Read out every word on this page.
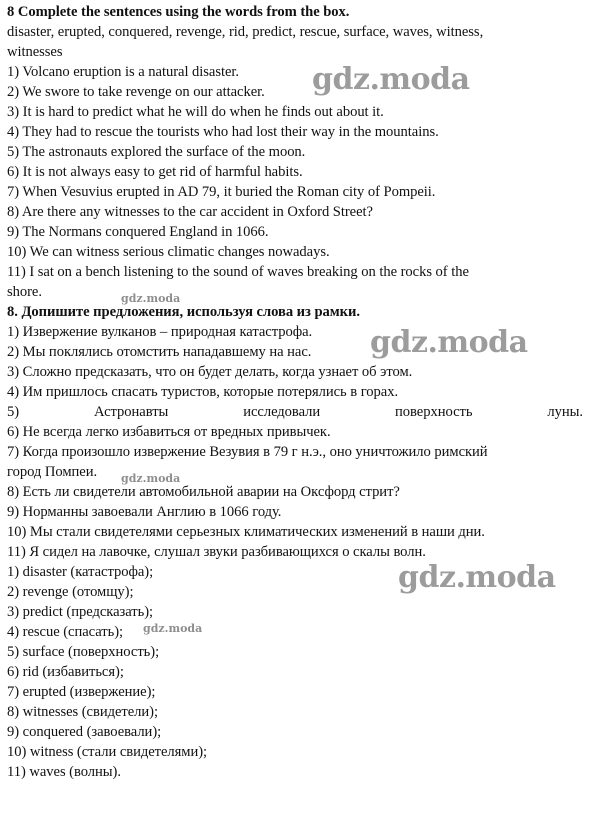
8 Complete the sentences using the words from the box.
disaster, erupted, conquered, revenge, rid, predict, rescue, surface, waves, witness,
witnesses
1) Volcano eruption is a natural disaster.
2) We swore to take revenge on our attacker.
3) It is hard to predict what he will do when he finds out about it.
4) They had to rescue the tourists who had lost their way in the mountains.
5) The astronauts explored the surface of the moon.
6) It is not always easy to get rid of harmful habits.
7) When Vesuvius erupted in AD 79, it buried the Roman city of Pompeii.
8) Are there any witnesses to the car accident in Oxford Street?
9) The Normans conquered England in 1066.
10) We can witness serious climatic changes nowadays.
11) I sat on a bench listening to the sound of waves breaking on the rocks of the
shore.
8. Допишите предложения, используя слова из рамки.
1) Извержение вулканов – природная катастрофа.
2) Мы поклялись отомстить нападавшему на нас.
3) Сложно предсказать, что он будет делать, когда узнает об этом.
4) Им пришлось спасать туристов, которые потерялись в горах.
5)	Астронавты	исследовали	поверхность	луны.
6) Не всегда легко избавиться от вредных привычек.
7) Когда произошло извержение Везувия в 79 г н.э., оно уничтожило римский
город Помпеи.
8) Есть ли свидетели автомобильной аварии на Оксфорд стрит?
9) Норманны завоевали Англию в 1066 году.
10) Мы стали свидетелями серьезных климатических изменений в наши дни.
11) Я сидел на лавочке, слушал звуки разбивающихся о скалы волн.
1) disaster (катастрофа);
2) revenge (отомщу);
3) predict (предсказать);
4) rescue (спасать);
5) surface (поверхность);
6) rid (избавиться);
7) erupted (извержение);
8) witnesses (свидетели);
9) conquered (завоевали);
10) witness (стали свидетелями);
11) waves (волны).
gdz.moda
gdz.moda
gdz.moda
gdz.moda
gdz.moda
gdz.moda
